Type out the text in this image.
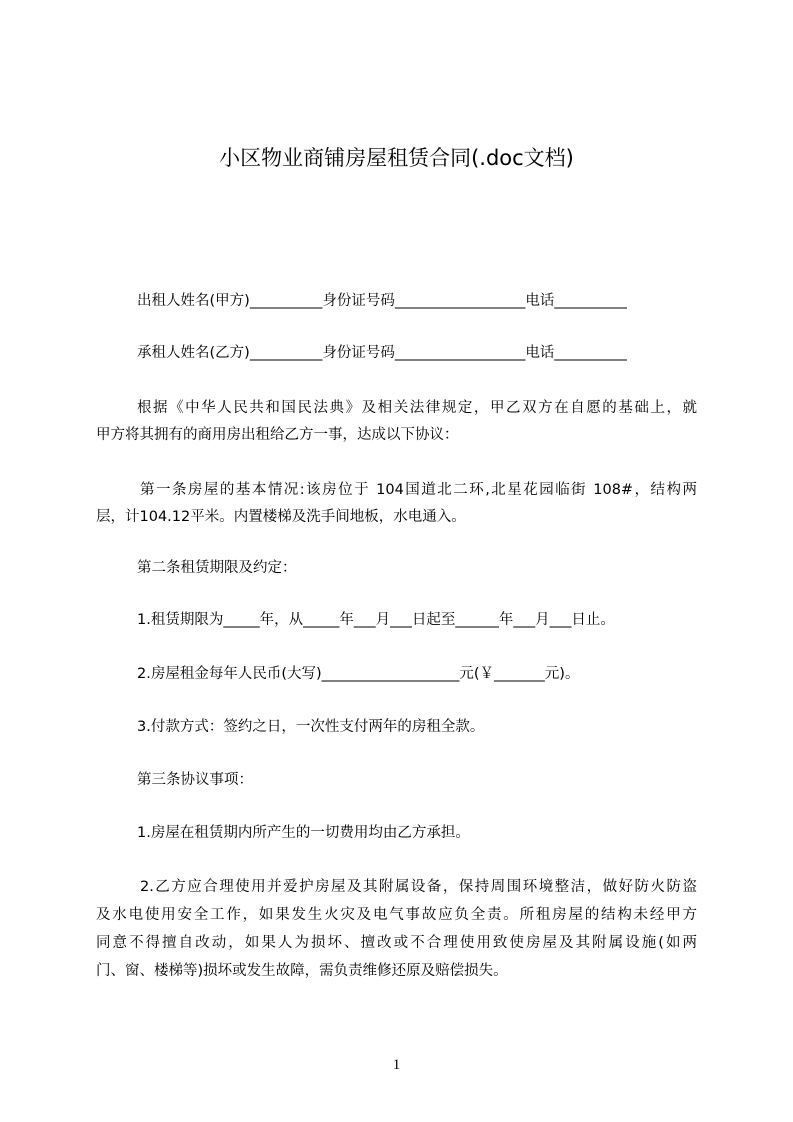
小区物业商铺房屋租赁合同(.doc文档)
出租人姓名(甲方)__________身份证号码__________________电话__________
承租人姓名(乙方)__________身份证号码__________________电话__________
根据《中华人民共和国民法典》及相关法律规定，甲乙双方在自愿的基础上，就
甲方将其拥有的商用房出租给乙方一事，达成以下协议：
第一条房屋的基本情况:该房位于 104国道北二环,北星花园临街 108#，结构两
层，计104.12平米。内置楼梯及洗手间地板，水电通入。
第二条租赁期限及约定：
1.租赁期限为_____年，从_____年___月___日起至______年___月___日止。
2.房屋租金每年人民币(大写)___________________元(￥_______元)。
3.付款方式：签约之日，一次性支付两年的房租全款。
第三条协议事项：
1.房屋在租赁期内所产生的一切费用均由乙方承担。
2.乙方应合理使用并爱护房屋及其附属设备，保持周围环境整洁，做好防火防盗
及水电使用安全工作，如果发生火灾及电气事故应负全责。所租房屋的结构未经甲方
同意不得擅自改动，如果人为损坏、擅改或不合理使用致使房屋及其附属设施(如两
门、窗、楼梯等)损坏或发生故障，需负责维修还原及赔偿损失。
1
